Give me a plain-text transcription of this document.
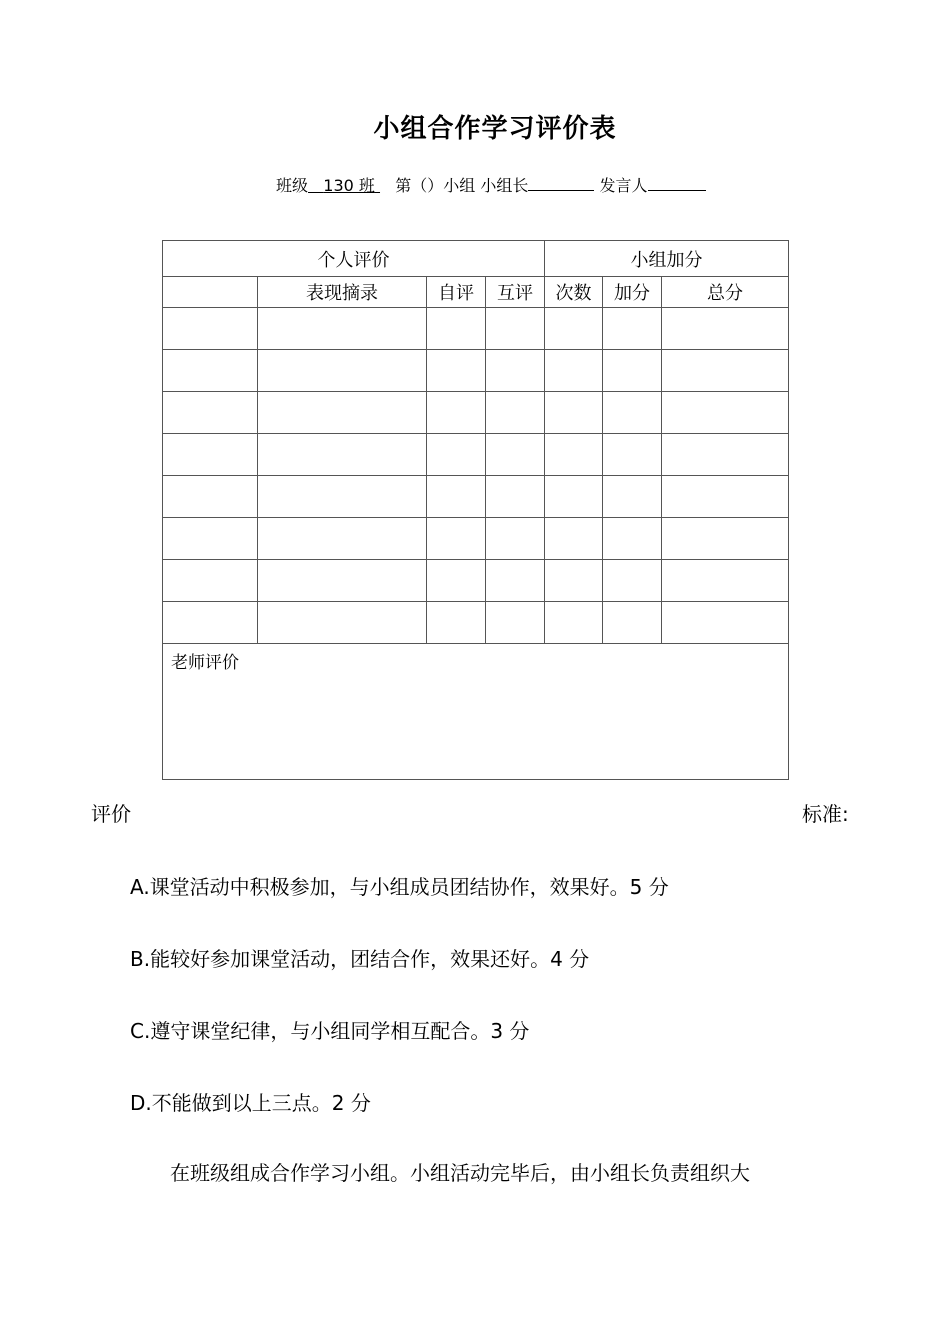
小组合作学习评价表
班级 130 班 第（）小组 小组长	发言人
个人评价				小组加分		
	表现摘录	自评	互评	次数	加分	总分

老师评价						
评价	标准:
A.课堂活动中积极参加，与小组成员团结协作，效果好。5 分
B.能较好参加课堂活动，团结合作，效果还好。4 分
C.遵守课堂纪律，与小组同学相互配合。3 分
D.不能做到以上三点。2 分
在班级组成合作学习小组。小组活动完毕后，由小组长负责组织大
